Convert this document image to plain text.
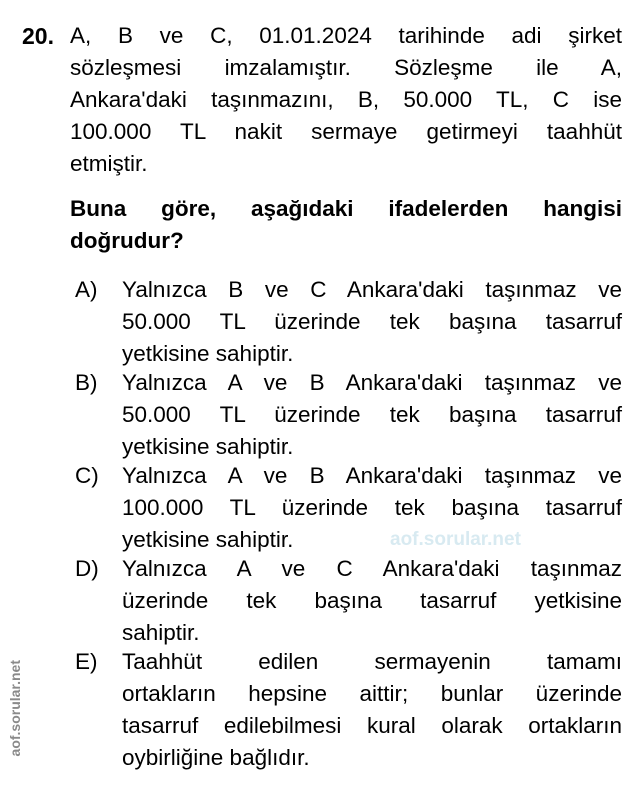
20. A, B ve C, 01.01.2024 tarihinde adi şirket
sözleşmesi imzalamıştır. Sözleşme ile A,
Ankara'daki taşınmazını, B, 50.000 TL, C ise
100.000 TL nakit sermaye getirmeyi taahhüt
etmiştir.
Buna göre, aşağıdaki ifadelerden hangisi
doğrudur?
A) Yalnızca B ve C Ankara'daki taşınmaz ve
50.000 TL üzerinde tek başına tasarruf
yetkisine sahiptir.
B) Yalnızca A ve B Ankara'daki taşınmaz ve
50.000 TL üzerinde tek başına tasarruf
yetkisine sahiptir.
C) Yalnızca A ve B Ankara'daki taşınmaz ve
100.000 TL üzerinde tek başına tasarruf
yetkisine sahiptir.
D) Yalnızca A ve C Ankara'daki taşınmaz
üzerinde tek başına tasarruf yetkisine
sahiptir.
E) Taahhüt edilen sermayenin tamamı
ortakların hepsine aittir; bunlar üzerinde
tasarruf edilebilmesi kural olarak ortakların
oybirliğine bağlıdır.
aof.sorular.net
aof.sorular.net
